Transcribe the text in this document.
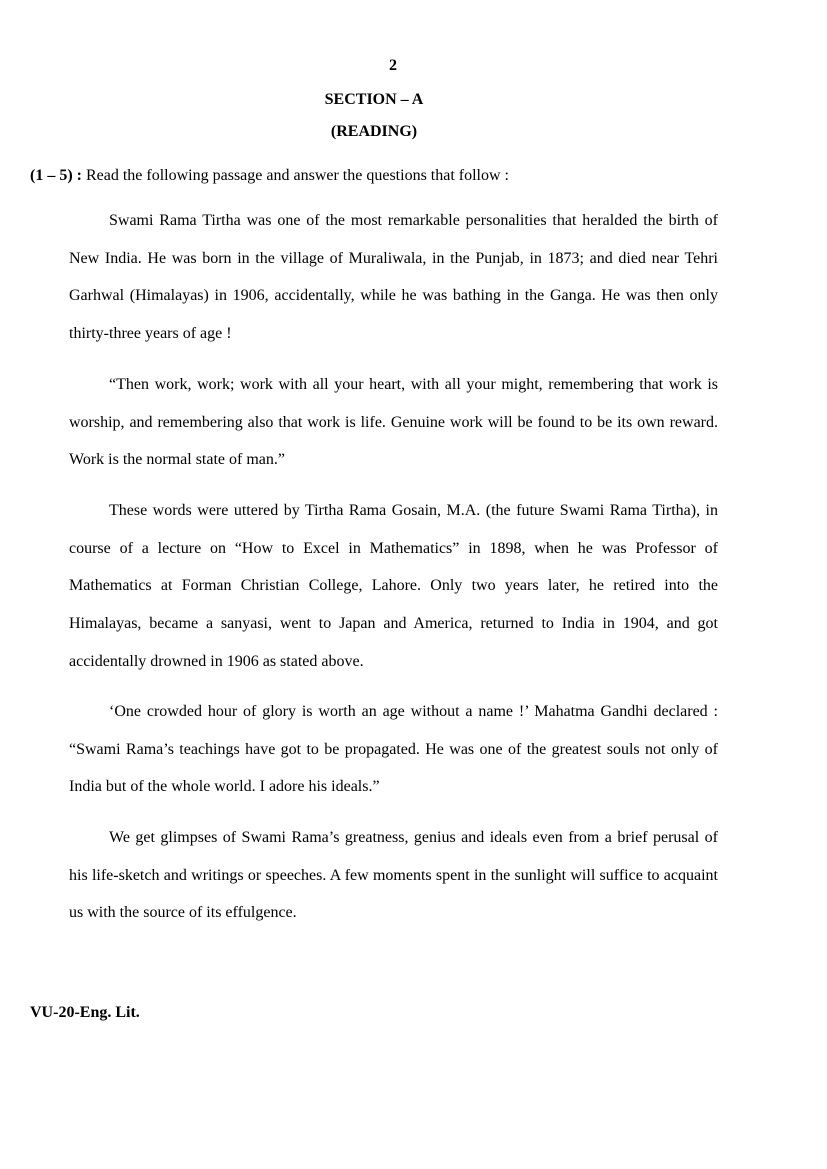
2
SECTION – A
(READING)
(1 – 5) : Read the following passage and answer the questions that follow :

Swami Rama Tirtha was one of the most remarkable personalities that heralded the birth of New India. He was born in the village of Muraliwala, in the Punjab, in 1873; and died near Tehri Garhwal (Himalayas) in 1906, accidentally, while he was bathing in the Ganga. He was then only thirty-three years of age !

“Then work, work; work with all your heart, with all your might, remembering that work is worship, and remembering also that work is life. Genuine work will be found to be its own reward. Work is the normal state of man.”

These words were uttered by Tirtha Rama Gosain, M.A. (the future Swami Rama Tirtha), in course of a lecture on “How to Excel in Mathematics” in 1898, when he was Professor of Mathematics at Forman Christian College, Lahore. Only two years later, he retired into the Himalayas, became a sanyasi, went to Japan and America, returned to India in 1904, and got accidentally drowned in 1906 as stated above.

‘One crowded hour of glory is worth an age without a name !’ Mahatma Gandhi declared : “Swami Rama’s teachings have got to be propagated. He was one of the greatest souls not only of India but of the whole world. I adore his ideals.”

We get glimpses of Swami Rama’s greatness, genius and ideals even from a brief perusal of his life-sketch and writings or speeches. A few moments spent in the sunlight will suffice to acquaint us with the source of its effulgence.

VU-20-Eng. Lit.
